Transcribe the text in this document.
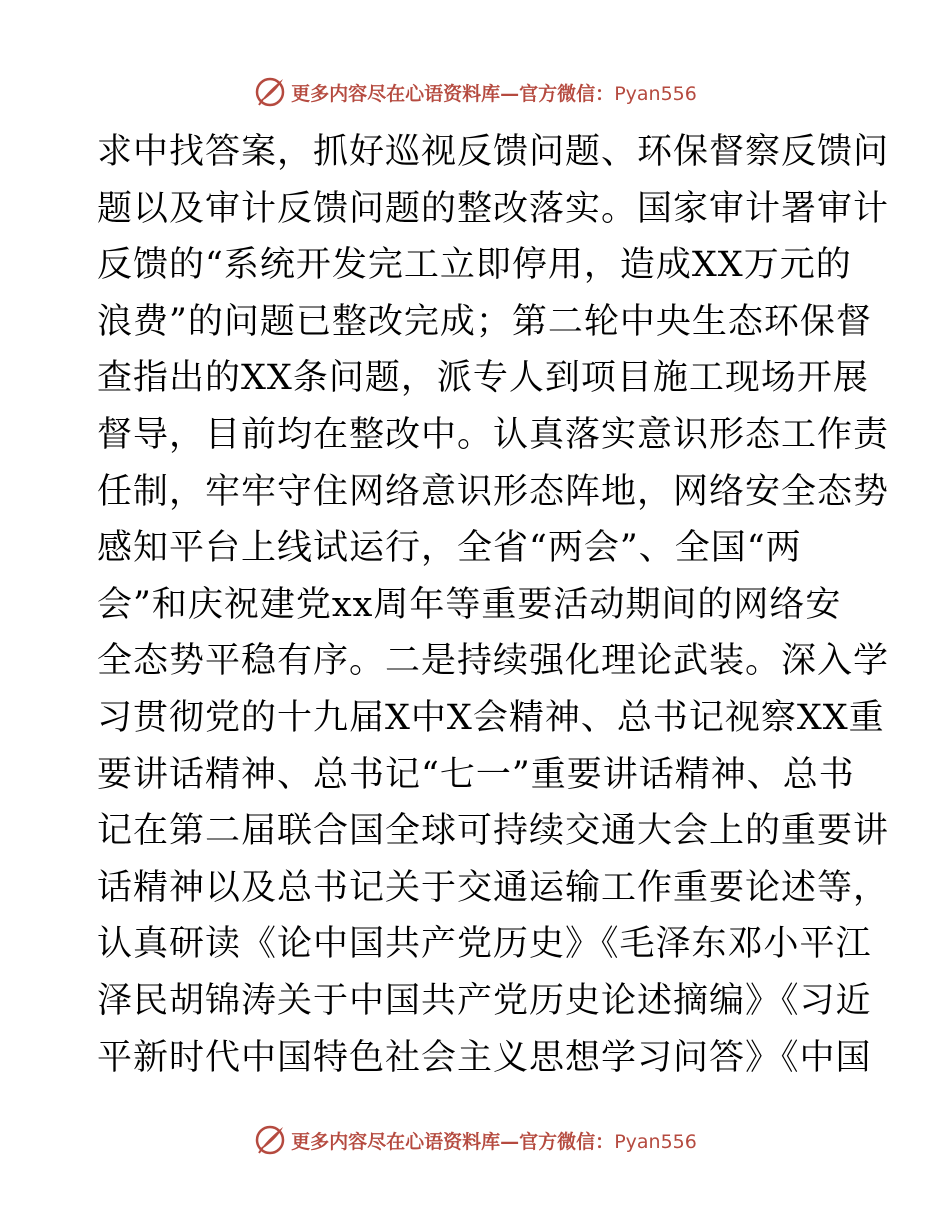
更多内容尽在心语资料库—官方微信：Pyan556
求中找答案，抓好巡视反馈问题、环保督察反馈问
题以及审计反馈问题的整改落实。国家审计署审计
反馈的“系统开发完工立即停用，造成XX万元的
浪费”的问题已整改完成；第二轮中央生态环保督
查指出的XX条问题，派专人到项目施工现场开展
督导，目前均在整改中。认真落实意识形态工作责
任制，牢牢守住网络意识形态阵地，网络安全态势
感知平台上线试运行，全省“两会”、全国“两
会”和庆祝建党xx周年等重要活动期间的网络安
全态势平稳有序。二是持续强化理论武装。深入学
习贯彻党的十九届X中X会精神、总书记视察XX重
要讲话精神、总书记“七一”重要讲话精神、总书
记在第二届联合国全球可持续交通大会上的重要讲
话精神以及总书记关于交通运输工作重要论述等，
认真研读《论中国共产党历史》《毛泽东邓小平江
泽民胡锦涛关于中国共产党历史论述摘编》《习近
平新时代中国特色社会主义思想学习问答》《中国
更多内容尽在心语资料库—官方微信：Pyan556
